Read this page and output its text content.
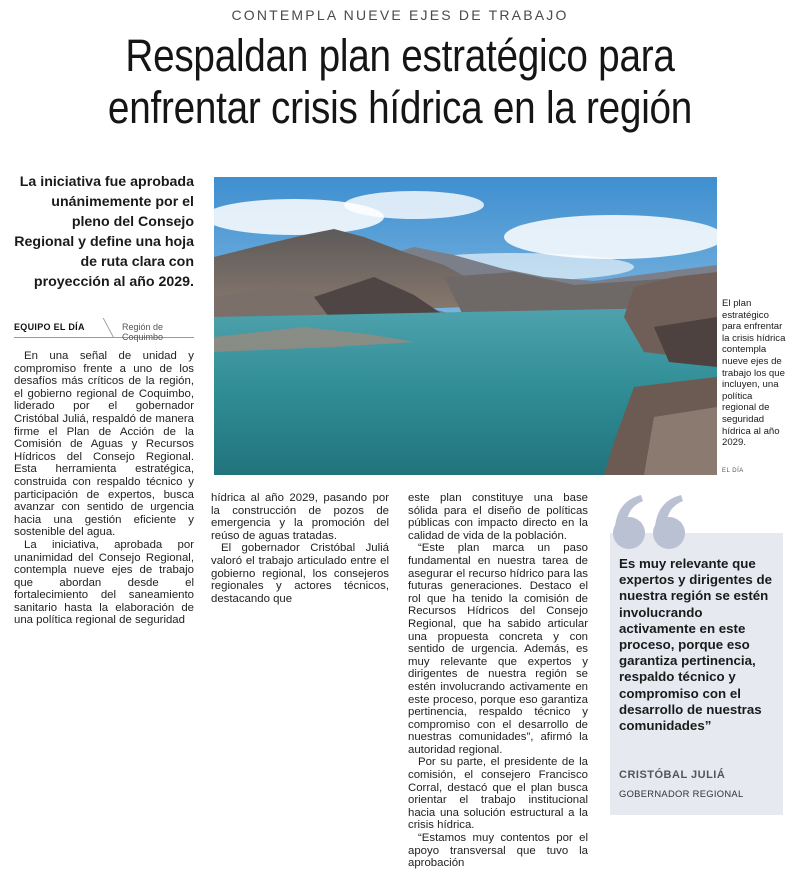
CONTEMPLA NUEVE EJES DE TRABAJO
Respaldan plan estratégico para
enfrentar crisis hídrica en la región
La iniciativa fue aprobada unánimemente por el pleno del Consejo Regional y define una hoja de ruta clara con proyección al año 2029.
EQUIPO EL DÍA	Región de Coquimbo

En una señal de unidad y compromiso frente a uno de los desafíos más críticos de la región, el gobierno regional de Coquimbo, liderado por el gobernador Cristóbal Juliá, respaldó de manera firme el Plan de Acción de la Comisión de Aguas y Recursos Hídricos del Consejo Regional. Esta herramienta estratégica, construida con respaldo técnico y participación de expertos, busca avanzar con sentido de urgencia hacia una gestión eficiente y sostenible del agua.

La iniciativa, aprobada por unanimidad del Consejo Regional, contempla nueve ejes de trabajo que abordan desde el fortalecimiento del saneamiento sanitario hasta la elaboración de una política regional de seguridad

El plan estratégico para enfrentar la crisis hídrica contempla nueve ejes de trabajo los que incluyen, una política regional de seguridad hídrica al año 2029.
EL DÍA

hídrica al año 2029, pasando por la construcción de pozos de emergencia y la promoción del reúso de aguas tratadas.

El gobernador Cristóbal Juliá valoró el trabajo articulado entre el gobierno regional, los consejeros regionales y actores técnicos, destacando que

este plan constituye una base sólida para el diseño de políticas públicas con impacto directo en la calidad de vida de la población.

“Este plan marca un paso fundamental en nuestra tarea de asegurar el recurso hídrico para las futuras generaciones. Destaco el rol que ha tenido la comisión de Recursos Hídricos del Consejo Regional, que ha sabido articular una propuesta concreta y con sentido de urgencia. Además, es muy relevante que expertos y dirigentes de nuestra región se estén involucrando activamente en este proceso, porque eso garantiza pertinencia, respaldo técnico y compromiso con el desarrollo de nuestras comunidades”, afirmó la autoridad regional.

Por su parte, el presidente de la comisión, el consejero Francisco Corral, destacó que el plan busca orientar el trabajo institucional hacia una solución estructural a la crisis hídrica.

“Estamos muy contentos por el apoyo transversal que tuvo la aprobación

Es muy relevante que expertos y dirigentes de nuestra región se estén involucrando activamente en este proceso, porque eso garantiza pertinencia, respaldo técnico y compromiso con el desarrollo de nuestras comunidades”
CRISTÓBAL JULIÁ
GOBERNADOR REGIONAL
